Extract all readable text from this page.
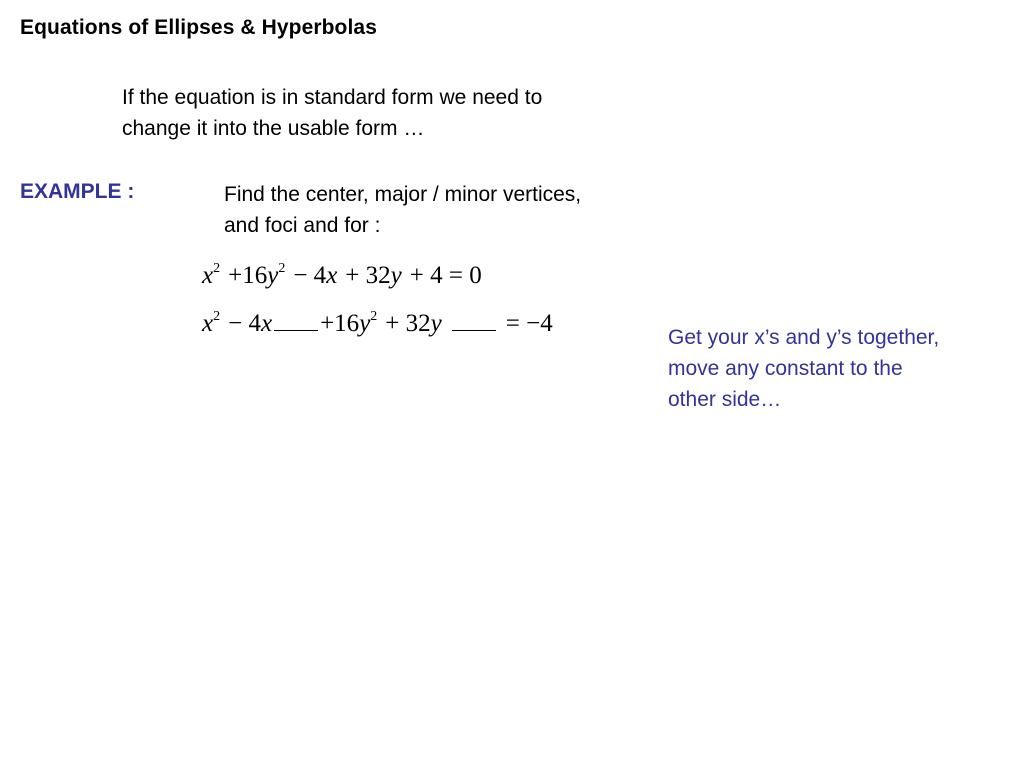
Equations of Ellipses & Hyperbolas
If the equation is in standard form we need to
change it into the usable form …
EXAMPLE :	Find the center, major / minor vertices,
and foci and for :
$x^2 +16y^2 - 4x + 32y + 4 = 0$
$x^2 - 4x +16y^2 + 32y$	= −4
Get your x’s and y’s together,
move any constant to the
other side…
